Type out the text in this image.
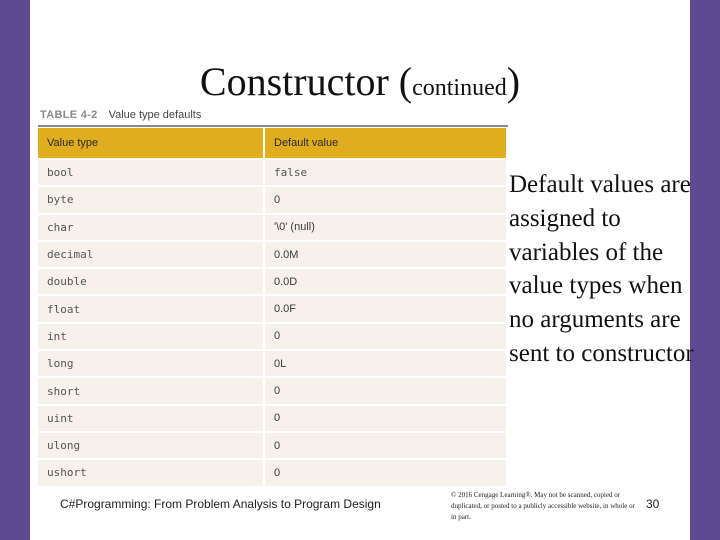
Constructor (continued)
TABLE 4-2 Value type defaults
Value type	Default value
bool	false
byte	0
char	'\0' (null)
decimal	0.0M
double	0.0D
float	0.0F
int	0
long	0L
short	0
uint	0
ulong	0
ushort	0
Default values are assigned to variables of the value types when no arguments are sent to constructor
C#Programming: From Problem Analysis to Program Design
© 2016 Cengage Learning®. May not be scanned, copied or duplicated, or posted to a publicly accessible website, in whole or in part.
30
